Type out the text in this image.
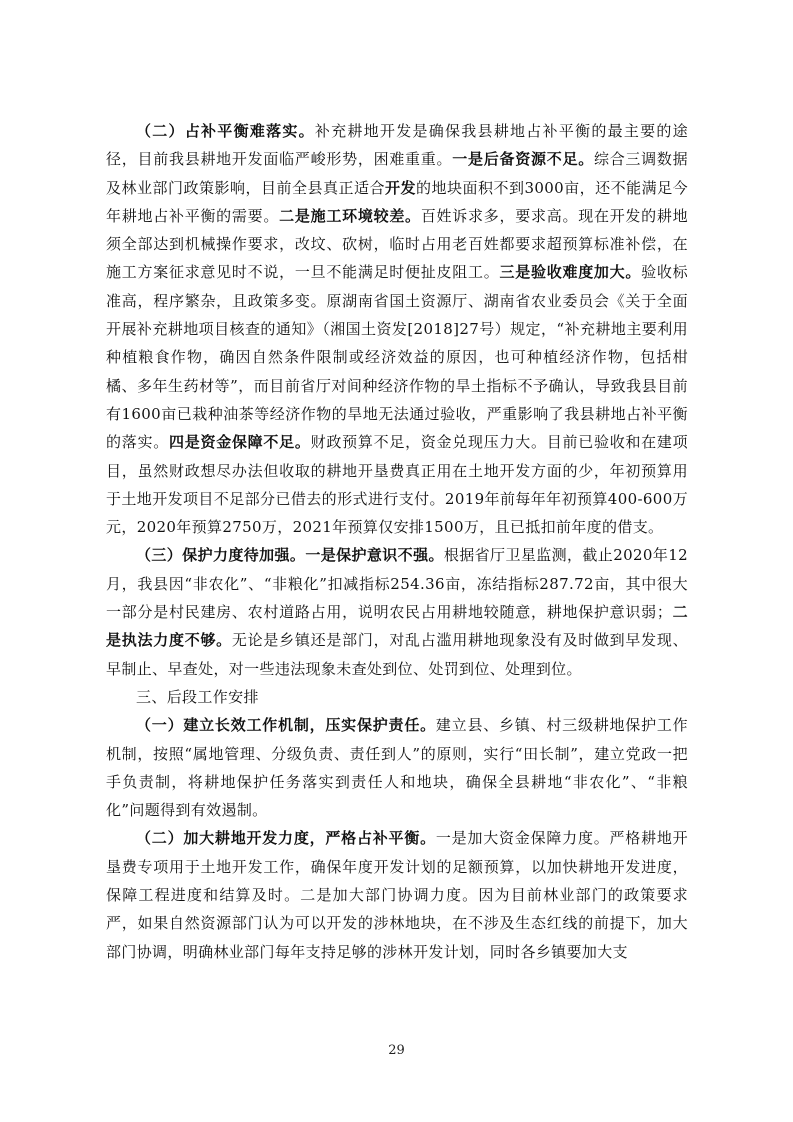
（二）占补平衡难落实。补充耕地开发是确保我县耕地占补平衡的最主要的途径，目前我县耕地开发面临严峻形势，困难重重。一是后备资源不足。综合三调数据及林业部门政策影响，目前全县真正适合开发的地块面积不到3000亩，还不能满足今年耕地占补平衡的需要。二是施工环境较差。百姓诉求多，要求高。现在开发的耕地须全部达到机械操作要求，改坟、砍树，临时占用老百姓都要求超预算标准补偿，在施工方案征求意见时不说，一旦不能满足时便扯皮阻工。三是验收难度加大。验收标准高，程序繁杂，且政策多变。原湖南省国土资源厅、湖南省农业委员会《关于全面开展补充耕地项目核查的通知》（湘国土资发[2018]27号）规定，“补充耕地主要利用种植粮食作物，确因自然条件限制或经济效益的原因，也可种植经济作物，包括柑橘、多年生药材等”，而目前省厅对间种经济作物的旱土指标不予确认，导致我县目前有1600亩已栽种油茶等经济作物的旱地无法通过验收，严重影响了我县耕地占补平衡的落实。四是资金保障不足。财政预算不足，资金兑现压力大。目前已验收和在建项目，虽然财政想尽办法但收取的耕地开垦费真正用在土地开发方面的少，年初预算用于土地开发项目不足部分已借去的形式进行支付。2019年前每年年初预算400-600万元，2020年预算2750万，2021年预算仅安排1500万，且已抵扣前年度的借支。

（三）保护力度待加强。一是保护意识不强。根据省厅卫星监测，截止2020年12月，我县因“非农化”、“非粮化”扣减指标254.36亩，冻结指标287.72亩，其中很大一部分是村民建房、农村道路占用，说明农民占用耕地较随意，耕地保护意识弱；二是执法力度不够。无论是乡镇还是部门，对乱占滥用耕地现象没有及时做到早发现、早制止、早查处，对一些违法现象未查处到位、处罚到位、处理到位。

三、后段工作安排

（一）建立长效工作机制，压实保护责任。建立县、乡镇、村三级耕地保护工作机制，按照“属地管理、分级负责、责任到人”的原则，实行“田长制”，建立党政一把手负责制，将耕地保护任务落实到责任人和地块，确保全县耕地“非农化”、“非粮化”问题得到有效遏制。

（二）加大耕地开发力度，严格占补平衡。一是加大资金保障力度。严格耕地开垦费专项用于土地开发工作，确保年度开发计划的足额预算，以加快耕地开发进度，保障工程进度和结算及时。二是加大部门协调力度。因为目前林业部门的政策要求严，如果自然资源部门认为可以开发的涉林地块，在不涉及生态红线的前提下，加大部门协调，明确林业部门每年支持足够的涉林开发计划，同时各乡镇要加大支

29
